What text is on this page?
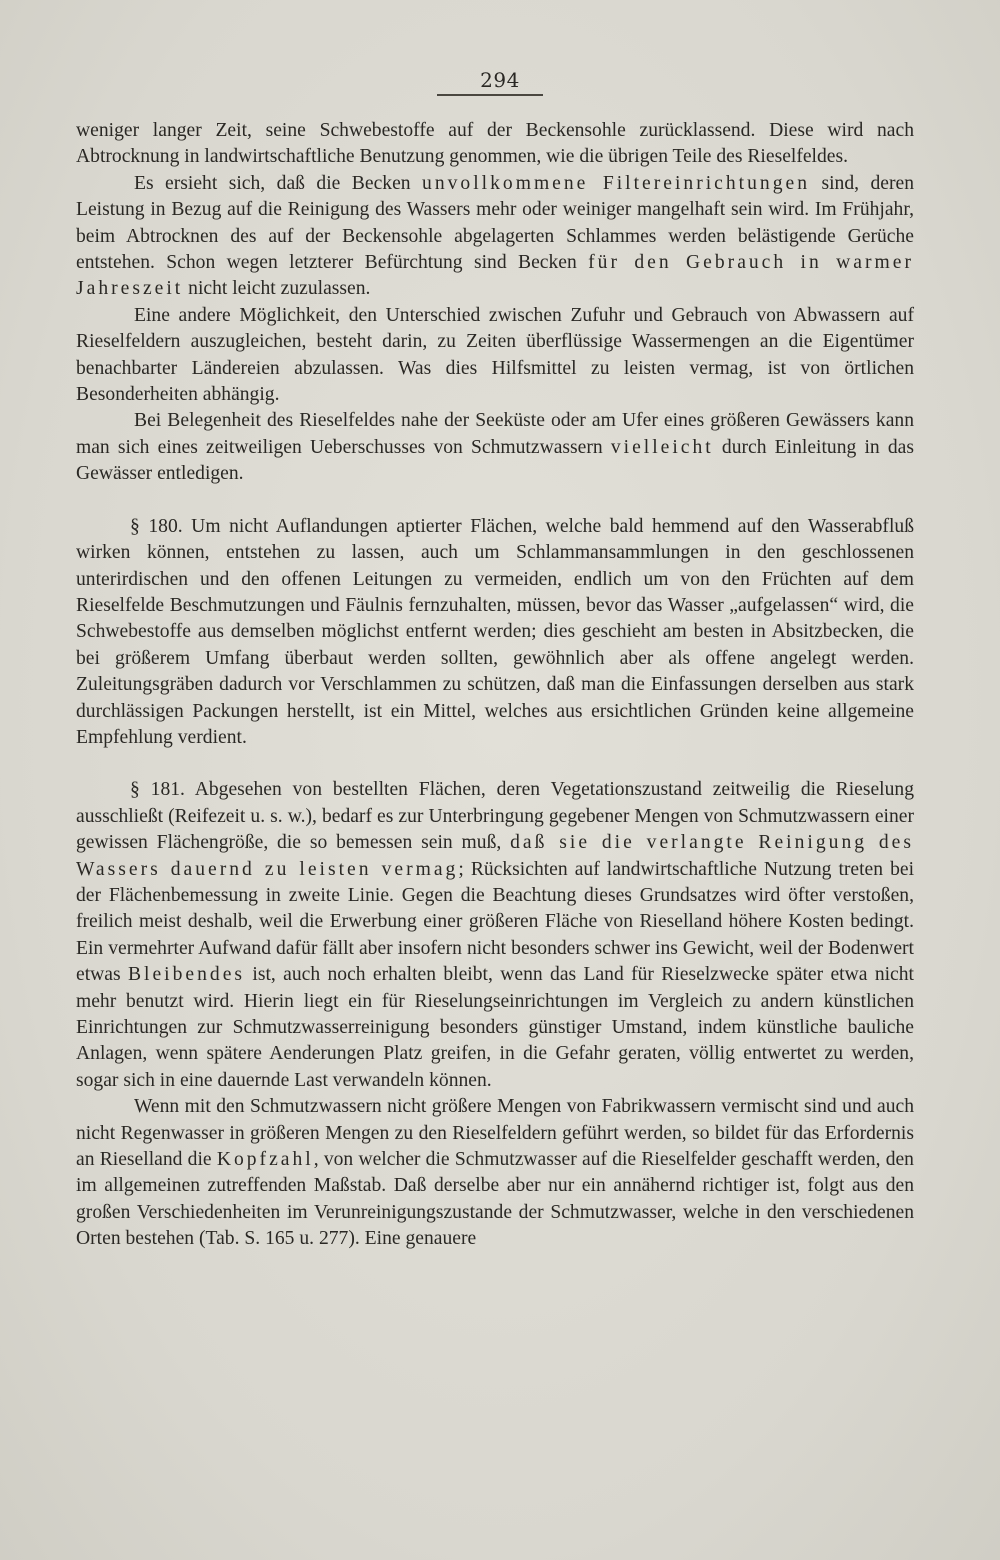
294

weniger langer Zeit, seine Schwebestoffe auf der Beckensohle zurücklassend. Diese wird nach Abtrocknung in landwirtschaftliche Benutzung genommen, wie die übrigen Teile des Rieselfeldes.

Es ersieht sich, daß die Becken unvollkommene Filtereinrichtungen sind, deren Leistung in Bezug auf die Reinigung des Wassers mehr oder weiniger mangelhaft sein wird. Im Frühjahr, beim Abtrocknen des auf der Beckensohle abgelagerten Schlammes werden belästigende Gerüche entstehen. Schon wegen letzterer Befürchtung sind Becken für den Gebrauch in warmer Jahreszeit nicht leicht zuzulassen.

Eine andere Möglichkeit, den Unterschied zwischen Zufuhr und Gebrauch von Abwassern auf Rieselfeldern auszugleichen, besteht darin, zu Zeiten überflüssige Wassermengen an die Eigentümer benachbarter Ländereien abzulassen. Was dies Hilfsmittel zu leisten vermag, ist von örtlichen Besonderheiten abhängig.

Bei Belegenheit des Rieselfeldes nahe der Seeküste oder am Ufer eines größeren Gewässers kann man sich eines zeitweiligen Ueberschusses von Schmutzwassern vielleicht durch Einleitung in das Gewässer entledigen.

§ 180. Um nicht Auflandungen aptierter Flächen, welche bald hemmend auf den Wasserabfluß wirken können, entstehen zu lassen, auch um Schlammansammlungen in den geschlossenen unterirdischen und den offenen Leitungen zu vermeiden, endlich um von den Früchten auf dem Rieselfelde Beschmutzungen und Fäulnis fernzuhalten, müssen, bevor das Wasser „aufgelassen“ wird, die Schwebestoffe aus demselben möglichst entfernt werden; dies geschieht am besten in Absitzbecken, die bei größerem Umfang überbaut werden sollten, gewöhnlich aber als offene angelegt werden. Zuleitungsgräben dadurch vor Verschlammen zu schützen, daß man die Einfassungen derselben aus stark durchlässigen Packungen herstellt, ist ein Mittel, welches aus ersichtlichen Gründen keine allgemeine Empfehlung verdient.

§ 181. Abgesehen von bestellten Flächen, deren Vegetationszustand zeitweilig die Rieselung ausschließt (Reifezeit u. s. w.), bedarf es zur Unterbringung gegebener Mengen von Schmutzwassern einer gewissen Flächengröße, die so bemessen sein muß, daß sie die verlangte Reinigung des Wassers dauernd zu leisten vermag; Rücksichten auf landwirtschaftliche Nutzung treten bei der Flächenbemessung in zweite Linie. Gegen die Beachtung dieses Grundsatzes wird öfter verstoßen, freilich meist deshalb, weil die Erwerbung einer größeren Fläche von Rieselland höhere Kosten bedingt. Ein vermehrter Aufwand dafür fällt aber insofern nicht besonders schwer ins Gewicht, weil der Bodenwert etwas Bleibendes ist, auch noch erhalten bleibt, wenn das Land für Rieselzwecke später etwa nicht mehr benutzt wird. Hierin liegt ein für Rieselungseinrichtungen im Vergleich zu andern künstlichen Einrichtungen zur Schmutzwasserreinigung besonders günstiger Umstand, indem künstliche bauliche Anlagen, wenn spätere Aenderungen Platz greifen, in die Gefahr geraten, völlig entwertet zu werden, sogar sich in eine dauernde Last verwandeln können.

Wenn mit den Schmutzwassern nicht größere Mengen von Fabrikwassern vermischt sind und auch nicht Regenwasser in größeren Mengen zu den Rieselfeldern geführt werden, so bildet für das Erfordernis an Rieselland die Kopfzahl, von welcher die Schmutzwasser auf die Rieselfelder geschafft werden, den im allgemeinen zutreffenden Maßstab. Daß derselbe aber nur ein annähernd richtiger ist, folgt aus den großen Verschiedenheiten im Verunreinigungszustande der Schmutzwasser, welche in den verschiedenen Orten bestehen (Tab. S. 165 u. 277). Eine genauere
